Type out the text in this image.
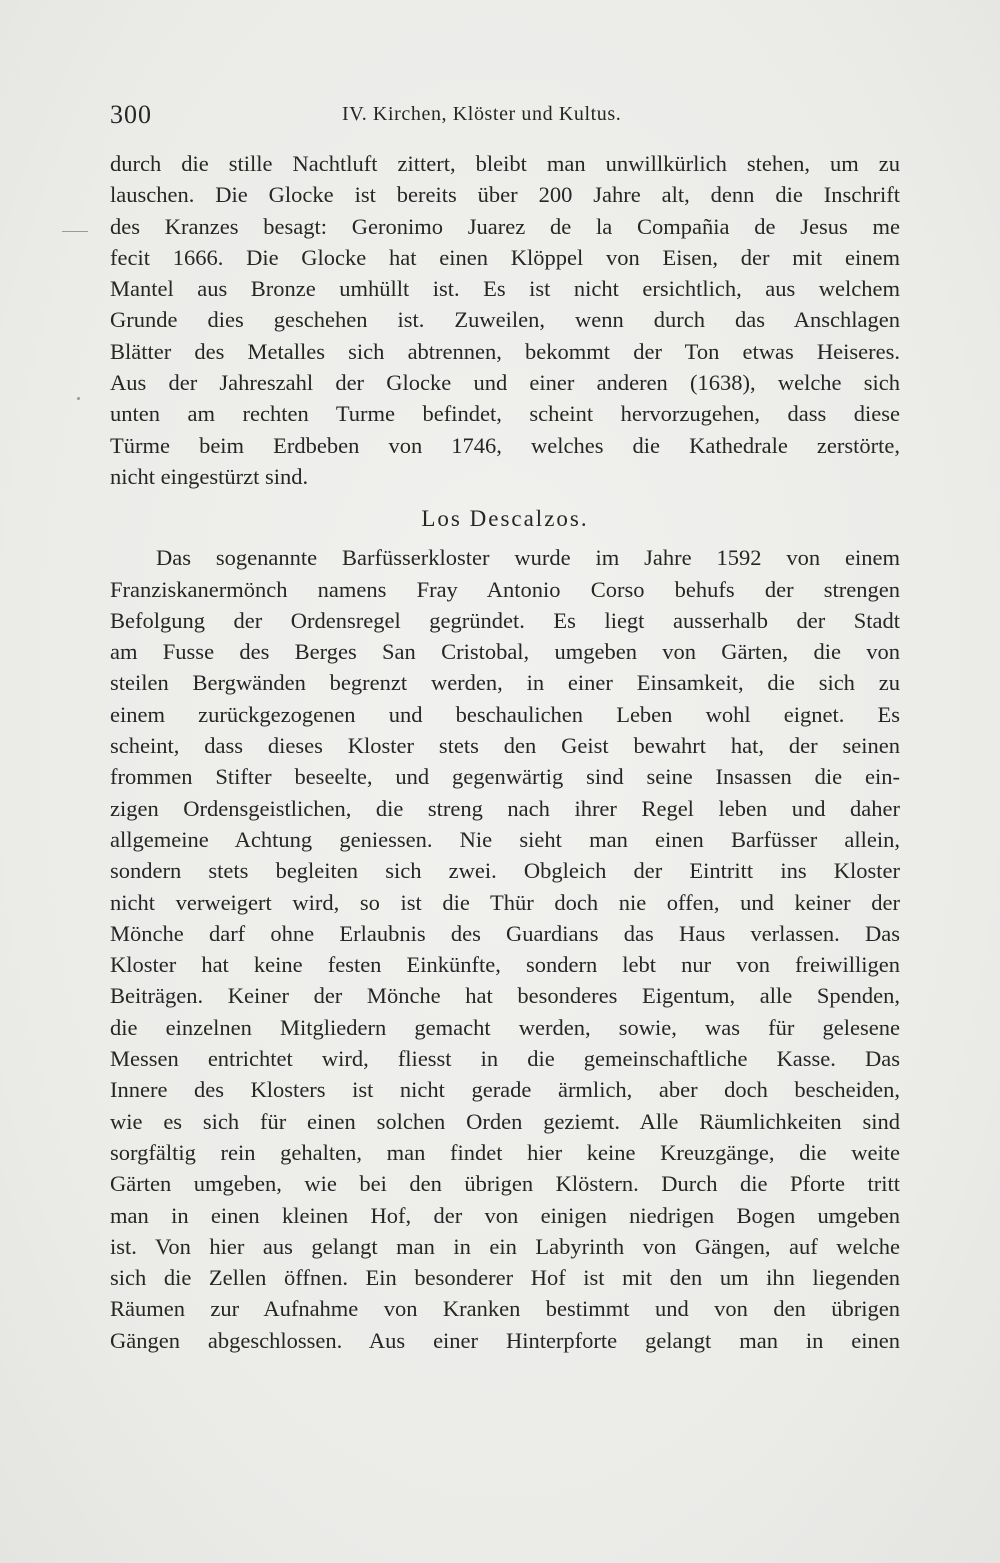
300	IV. Kirchen, Klöster und Kultus.
durch die stille Nachtluft zittert, bleibt man unwillkürlich stehen, um zu
lauschen. Die Glocke ist bereits über 200 Jahre alt, denn die Inschrift
des Kranzes besagt: Geronimo Juarez de la Compañia de Jesus me
fecit 1666. Die Glocke hat einen Klöppel von Eisen, der mit einem
Mantel aus Bronze umhüllt ist. Es ist nicht ersichtlich, aus welchem
Grunde dies geschehen ist. Zuweilen, wenn durch das Anschlagen
Blätter des Metalles sich abtrennen, bekommt der Ton etwas Heiseres.
Aus der Jahreszahl der Glocke und einer anderen (1638), welche sich
unten am rechten Turme befindet, scheint hervorzugehen, dass diese
Türme beim Erdbeben von 1746, welches die Kathedrale zerstörte,
nicht eingestürzt sind.
Los Descalzos.
Das sogenannte Barfüsserkloster wurde im Jahre 1592 von einem
Franziskanermönch namens Fray Antonio Corso behufs der strengen
Befolgung der Ordensregel gegründet. Es liegt ausserhalb der Stadt
am Fusse des Berges San Cristobal, umgeben von Gärten, die von
steilen Bergwänden begrenzt werden, in einer Einsamkeit, die sich zu
einem zurückgezogenen und beschaulichen Leben wohl eignet. Es
scheint, dass dieses Kloster stets den Geist bewahrt hat, der seinen
frommen Stifter beseelte, und gegenwärtig sind seine Insassen die ein-
zigen Ordensgeistlichen, die streng nach ihrer Regel leben und daher
allgemeine Achtung geniessen. Nie sieht man einen Barfüsser allein,
sondern stets begleiten sich zwei. Obgleich der Eintritt ins Kloster
nicht verweigert wird, so ist die Thür doch nie offen, und keiner der
Mönche darf ohne Erlaubnis des Guardians das Haus verlassen. Das
Kloster hat keine festen Einkünfte, sondern lebt nur von freiwilligen
Beiträgen. Keiner der Mönche hat besonderes Eigentum, alle Spenden,
die einzelnen Mitgliedern gemacht werden, sowie, was für gelesene
Messen entrichtet wird, fliesst in die gemeinschaftliche Kasse. Das
Innere des Klosters ist nicht gerade ärmlich, aber doch bescheiden,
wie es sich für einen solchen Orden geziemt. Alle Räumlichkeiten sind
sorgfältig rein gehalten, man findet hier keine Kreuzgänge, die weite
Gärten umgeben, wie bei den übrigen Klöstern. Durch die Pforte tritt
man in einen kleinen Hof, der von einigen niedrigen Bogen umgeben
ist. Von hier aus gelangt man in ein Labyrinth von Gängen, auf welche
sich die Zellen öffnen. Ein besonderer Hof ist mit den um ihn liegenden
Räumen zur Aufnahme von Kranken bestimmt und von den übrigen
Gängen abgeschlossen. Aus einer Hinterpforte gelangt man in einen
